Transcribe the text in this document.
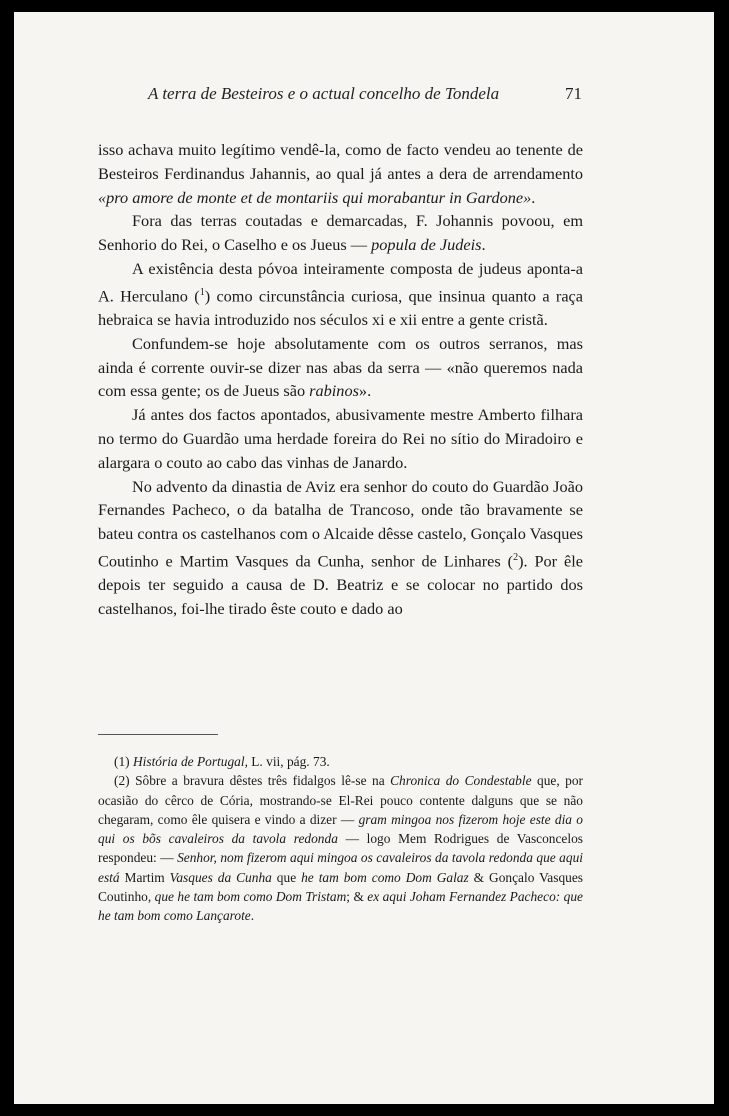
A terra de Besteiros e o actual concelho de Tondela	71

isso achava muito legítimo vendê-la, como de facto vendeu ao tenente de Besteiros Ferdinandus Jahannis, ao qual já antes a dera de arrendamento «pro amore de monte et de montariis qui morabantur in Gardone».

Fora das terras coutadas e demarcadas, F. Johannis povoou, em Senhorio do Rei, o Caselho e os Jueus — popula de Judeis.

A existência desta póvoa inteiramente composta de judeus aponta-a A. Herculano ($^1$) como circunstância curiosa, que insinua quanto a raça hebraica se havia introduzido nos séculos xi e xii entre a gente cristã.

Confundem-se hoje absolutamente com os outros serranos, mas ainda é corrente ouvir-se dizer nas abas da serra — «não queremos nada com essa gente; os de Jueus são rabinos».

Já antes dos factos apontados, abusivamente mestre Amberto filhara no termo do Guardão uma herdade foreira do Rei no sítio do Miradoiro e alargara o couto ao cabo das vinhas de Janardo.

No advento da dinastia de Aviz era senhor do couto do Guardão João Fernandes Pacheco, o da batalha de Trancoso, onde tão bravamente se bateu contra os castelhanos com o Alcaide dêsse castelo, Gonçalo Vasques Coutinho e Martim Vasques da Cunha, senhor de Linhares ($^2$). Por êle depois ter seguido a causa de D. Beatriz e se colocar no partido dos castelhanos, foi-lhe tirado êste couto e dado ao

(1) História de Portugal, L. vii, pág. 73.

(2) Sôbre a bravura dêstes três fidalgos lê-se na Chronica do Condestable que, por ocasião do cêrco de Cória, mostrando-se El-Rei pouco contente dalguns que se não chegaram, como êle quisera e vindo a dizer — gram mingoa nos fizerom hoje este dia o qui os bõs cavaleiros da tavola redonda — logo Mem Rodrigues de Vasconcelos respondeu: — Senhor, nom fizerom aqui mingoa os cavaleiros da tavola redonda que aqui está Martim Vasques da Cunha que he tam bom como Dom Galaz & Gonçalo Vasques Coutinho, que he tam bom como Dom Tristam; & ex aqui Joham Fernandez Pacheco: que he tam bom como Lançarote.
